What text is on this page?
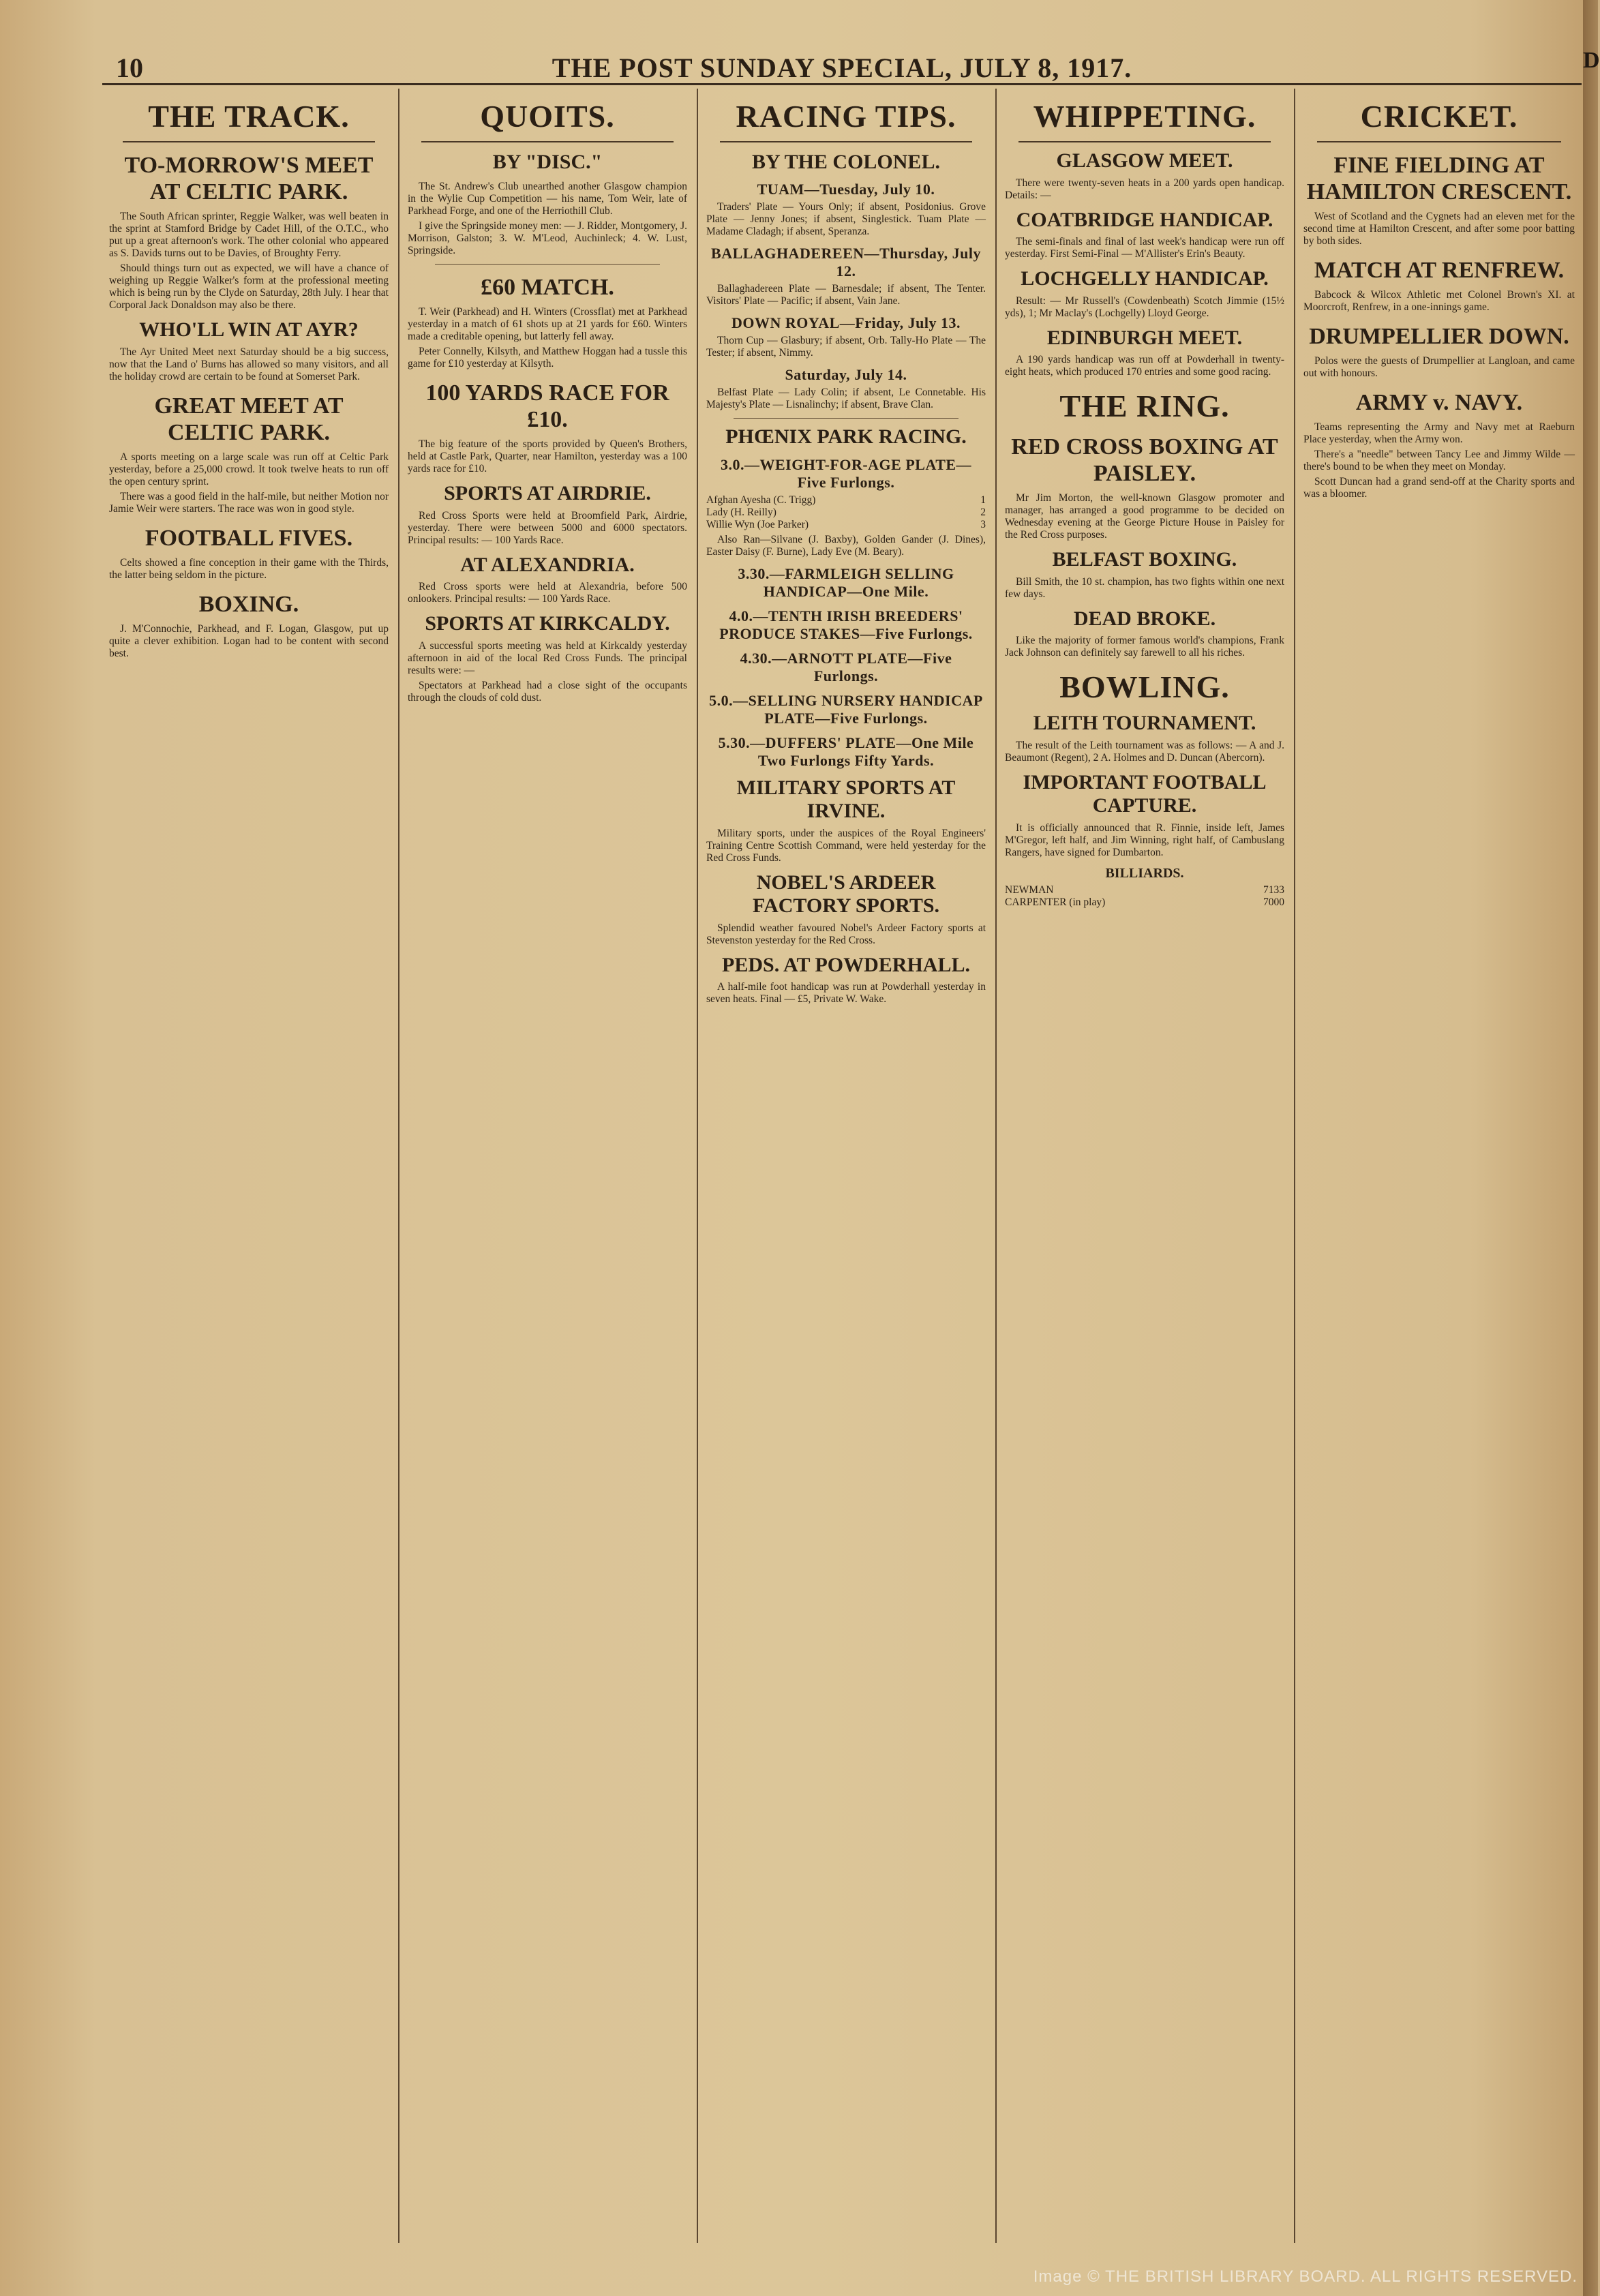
10	THE POST SUNDAY SPECIAL, JULY 8, 1917.
THE TRACK.
TO-MORROW'S MEET AT CELTIC PARK.

The South African sprinter, Reggie Walker, was well beaten in the sprint at Stamford Bridge by Cadet Hill, of the O.T.C., who put up a great afternoon's work. The other colonial who appeared as S. Davids turns out to be Davies, of Broughty Ferry.

Should things turn out as expected, we will have a chance of weighing up Reggie Walker's form at the professional meeting which is being run by the Clyde on Saturday, 28th July. I hear that Corporal Jack Donaldson may also be there.

WHO'LL WIN AT AYR?

The Ayr United Meet next Saturday should be a big success, now that the Land o' Burns has allowed so many visitors, and all the holiday crowd are certain to be found at Somerset Park.

GREAT MEET AT CELTIC PARK.

A sports meeting on a large scale was run off at Celtic Park yesterday, before a 25,000 crowd. It took twelve heats to run off the open century sprint.

There was a good field in the half-mile, but neither Motion nor Jamie Weir were starters. The race was won in good style.

FOOTBALL FIVES.

Celts showed a fine conception in their game with the Thirds, the latter being seldom in the picture.

BOXING.

J. M'Connochie, Parkhead, and F. Logan, Glasgow, put up quite a clever exhibition. Logan had to be content with second best.

QUOITS.
BY "DISC."

The St. Andrew's Club unearthed another Glasgow champion in the Wylie Cup Competition — his name, Tom Weir, late of Parkhead Forge, and one of the Herriothill Club.

I give the Springside money men: — J. Ridder, Montgomery, J. Morrison, Galston; 3. W. M'Leod, Auchinleck; 4. W. Lust, Springside.

£60 MATCH.

T. Weir (Parkhead) and H. Winters (Crossflat) met at Parkhead yesterday in a match of 61 shots up at 21 yards for £60. Winters made a creditable opening, but latterly fell away.

Peter Connelly, Kilsyth, and Matthew Hoggan had a tussle this game for £10 yesterday at Kilsyth.

100 YARDS RACE FOR £10.

The big feature of the sports provided by Queen's Brothers, held at Castle Park, Quarter, near Hamilton, yesterday was a 100 yards race for £10.

SPORTS AT AIRDRIE.

Red Cross Sports were held at Broomfield Park, Airdrie, yesterday. There were between 5000 and 6000 spectators. Principal results: — 100 Yards Race.

AT ALEXANDRIA.

Red Cross sports were held at Alexandria, before 500 onlookers. Principal results: — 100 Yards Race.

SPORTS AT KIRKCALDY.

A successful sports meeting was held at Kirkcaldy yesterday afternoon in aid of the local Red Cross Funds. The principal results were: —

Spectators at Parkhead had a close sight of the occupants through the clouds of cold dust.

RACING TIPS.
BY THE COLONEL.
TUAM—Tuesday, July 10.

Traders' Plate — Yours Only; if absent, Posidonius. Grove Plate — Jenny Jones; if absent, Singlestick. Tuam Plate — Madame Cladagh; if absent, Speranza.

BALLAGHADEREEN—Thursday, July 12.

Ballaghadereen Plate — Barnesdale; if absent, The Tenter. Visitors' Plate — Pacific; if absent, Vain Jane.

DOWN ROYAL—Friday, July 13.

Thorn Cup — Glasbury; if absent, Orb. Tally-Ho Plate — The Tester; if absent, Nimmy.

Saturday, July 14.

Belfast Plate — Lady Colin; if absent, Le Connetable. His Majesty's Plate — Lisnalinchy; if absent, Brave Clan.

PHŒNIX PARK RACING.
3.0.—WEIGHT-FOR-AGE PLATE—Five Furlongs.
Afghan Ayesha (C. Trigg)	1
Lady (H. Reilly)	2
Willie Wyn (Joe Parker)	3

Also Ran—Silvane (J. Baxby), Golden Gander (J. Dines), Easter Daisy (F. Burne), Lady Eve (M. Beary).

3.30.—FARMLEIGH SELLING HANDICAP—One Mile.
4.0.—TENTH IRISH BREEDERS' PRODUCE STAKES—Five Furlongs.
4.30.—ARNOTT PLATE—Five Furlongs.
5.0.—SELLING NURSERY HANDICAP PLATE—Five Furlongs.
5.30.—DUFFERS' PLATE—One Mile Two Furlongs Fifty Yards.
MILITARY SPORTS AT IRVINE.

Military sports, under the auspices of the Royal Engineers' Training Centre Scottish Command, were held yesterday for the Red Cross Funds.

NOBEL'S ARDEER FACTORY SPORTS.

Splendid weather favoured Nobel's Ardeer Factory sports at Stevenston yesterday for the Red Cross.

PEDS. AT POWDERHALL.

A half-mile foot handicap was run at Powderhall yesterday in seven heats. Final — £5, Private W. Wake.

WHIPPETING.
GLASGOW MEET.

There were twenty-seven heats in a 200 yards open handicap. Details: —

COATBRIDGE HANDICAP.

The semi-finals and final of last week's handicap were run off yesterday. First Semi-Final — M'Allister's Erin's Beauty.

LOCHGELLY HANDICAP.

Result: — Mr Russell's (Cowdenbeath) Scotch Jimmie (15½ yds), 1; Mr Maclay's (Lochgelly) Lloyd George.

EDINBURGH MEET.

A 190 yards handicap was run off at Powderhall in twenty-eight heats, which produced 170 entries and some good racing.

THE RING.
RED CROSS BOXING AT PAISLEY.

Mr Jim Morton, the well-known Glasgow promoter and manager, has arranged a good programme to be decided on Wednesday evening at the George Picture House in Paisley for the Red Cross purposes.

BELFAST BOXING.

Bill Smith, the 10 st. champion, has two fights within one next few days.

DEAD BROKE.

Like the majority of former famous world's champions, Frank Jack Johnson can definitely say farewell to all his riches.

BOWLING.
LEITH TOURNAMENT.

The result of the Leith tournament was as follows: — A and J. Beaumont (Regent), 2 A. Holmes and D. Duncan (Abercorn).

IMPORTANT FOOTBALL CAPTURE.

It is officially announced that R. Finnie, inside left, James M'Gregor, left half, and Jim Winning, right half, of Cambuslang Rangers, have signed for Dumbarton.

BILLIARDS.
NEWMAN	7133
CARPENTER (in play)	7000
CRICKET.
FINE FIELDING AT HAMILTON CRESCENT.

West of Scotland and the Cygnets had an eleven met for the second time at Hamilton Crescent, and after some poor batting by both sides.

MATCH AT RENFREW.

Babcock & Wilcox Athletic met Colonel Brown's XI. at Moorcroft, Renfrew, in a one-innings game.

DRUMPELLIER DOWN.

Polos were the guests of Drumpellier at Langloan, and came out with honours.

ARMY v. NAVY.

Teams representing the Army and Navy met at Raeburn Place yesterday, when the Army won.

There's a "needle" between Tancy Lee and Jimmy Wilde — there's bound to be when they meet on Monday.

Scott Duncan had a grand send-off at the Charity sports and was a bloomer.

D
Image © THE BRITISH LIBRARY BOARD. ALL RIGHTS RESERVED.
